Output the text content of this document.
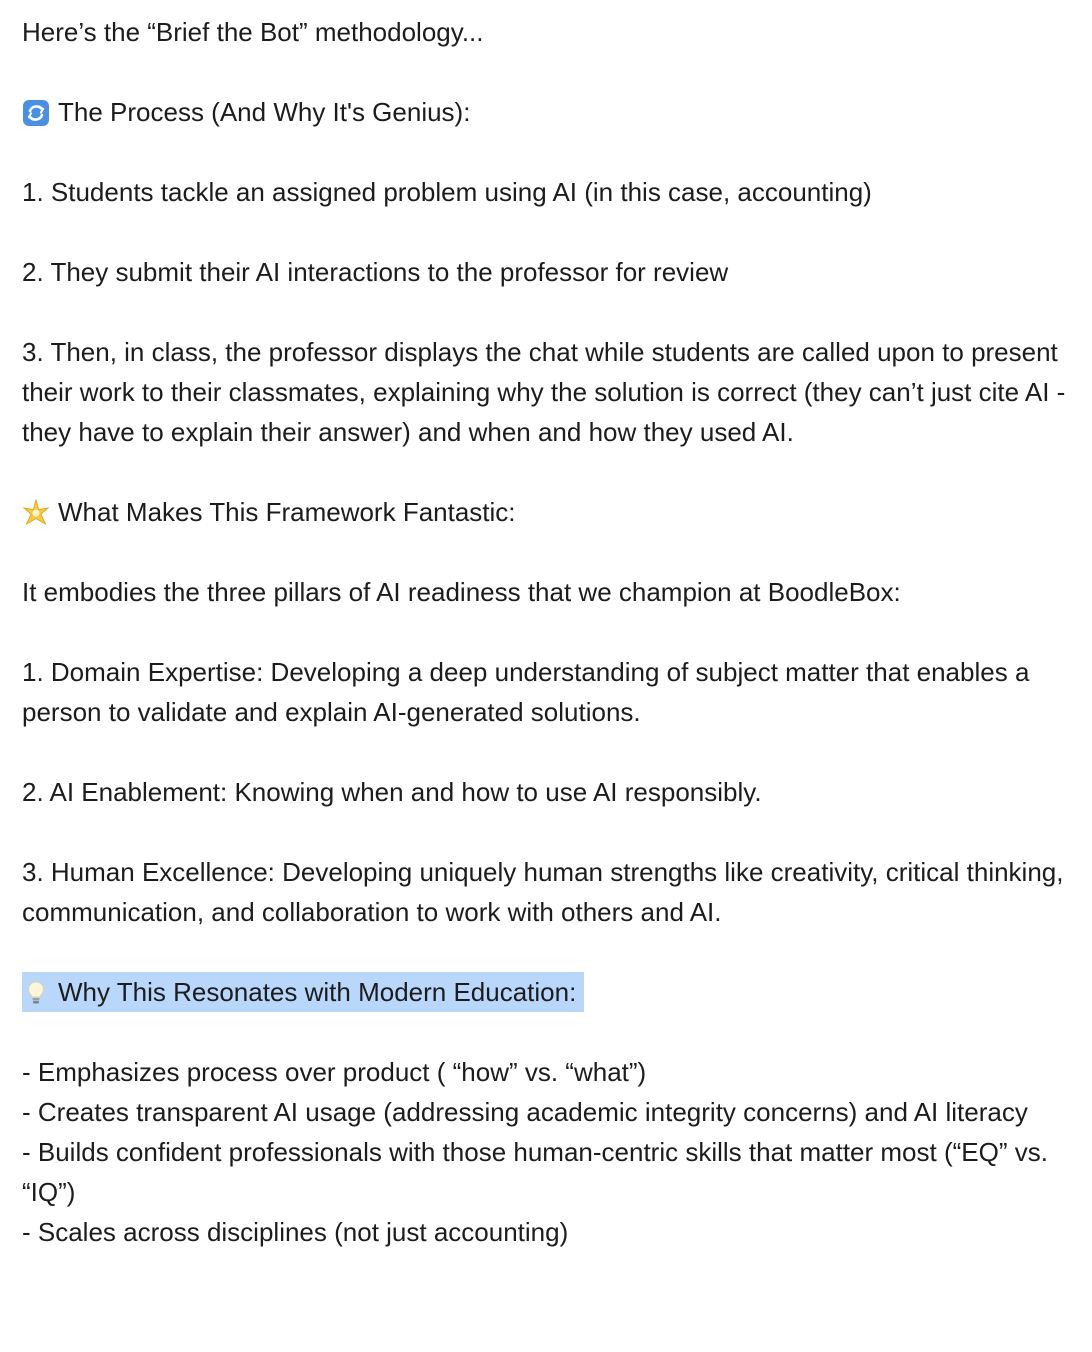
Here’s the “Brief the Bot” methodology...

The Process (And Why It's Genius):

1. Students tackle an assigned problem using AI (in this case, accounting)

2. They submit their AI interactions to the professor for review

3. Then, in class, the professor displays the chat while students are called upon to present their work to their classmates, explaining why the solution is correct (they can’t just cite AI - they have to explain their answer) and when and how they used AI.

What Makes This Framework Fantastic:

It embodies the three pillars of AI readiness that we champion at BoodleBox:

1. Domain Expertise: Developing a deep understanding of subject matter that enables a person to validate and explain AI-generated solutions.

2. AI Enablement: Knowing when and how to use AI responsibly.

3. Human Excellence: Developing uniquely human strengths like creativity, critical thinking, communication, and collaboration to work with others and AI.

Why This Resonates with Modern Education:

- Emphasizes process over product ( “how” vs. “what”)

- Creates transparent AI usage (addressing academic integrity concerns) and AI literacy

- Builds confident professionals with those human-centric skills that matter most (“EQ” vs. “IQ”)

- Scales across disciplines (not just accounting)
